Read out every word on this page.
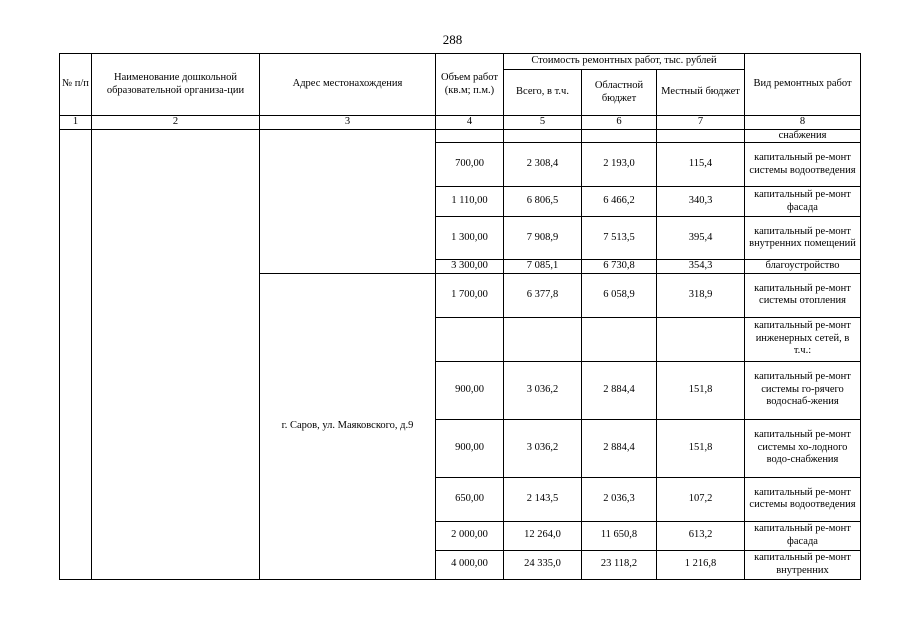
288
№ п/п	Наименование дошкольной образовательной организа-ции	Адрес местонахождения	Объем работ (кв.м; п.м.)	Стоимость ремонтных работ, тыс. рублей			Вид ремонтных работ
				Всего, в т.ч.	Областной бюджет	Местный бюджет	
1	2	3	4	5	6	7	8
							снабжения
			700,00	2 308,4	2 193,0	115,4	капитальный ре-монт системы водоотведения
			1 110,00	6 806,5	6 466,2	340,3	капитальный ре-монт фасада
			1 300,00	7 908,9	7 513,5	395,4	капитальный ре-монт внутренних помещений
			3 300,00	7 085,1	6 730,8	354,3	благоустройство
		г. Саров, ул. Маяковского, д.9	1 700,00	6 377,8	6 058,9	318,9	капитальный ре-монт системы отопления
							капитальный ре-монт инженерных сетей, в т.ч.:
			900,00	3 036,2	2 884,4	151,8	капитальный ре-монт системы го-рячего водоснаб-жения
			900,00	3 036,2	2 884,4	151,8	капитальный ре-монт системы хо-лодного водо-снабжения
			650,00	2 143,5	2 036,3	107,2	капитальный ре-монт системы водоотведения
			2 000,00	12 264,0	11 650,8	613,2	капитальный ре-монт фасада
			4 000,00	24 335,0	23 118,2	1 216,8	капитальный ре-монт внутренних
